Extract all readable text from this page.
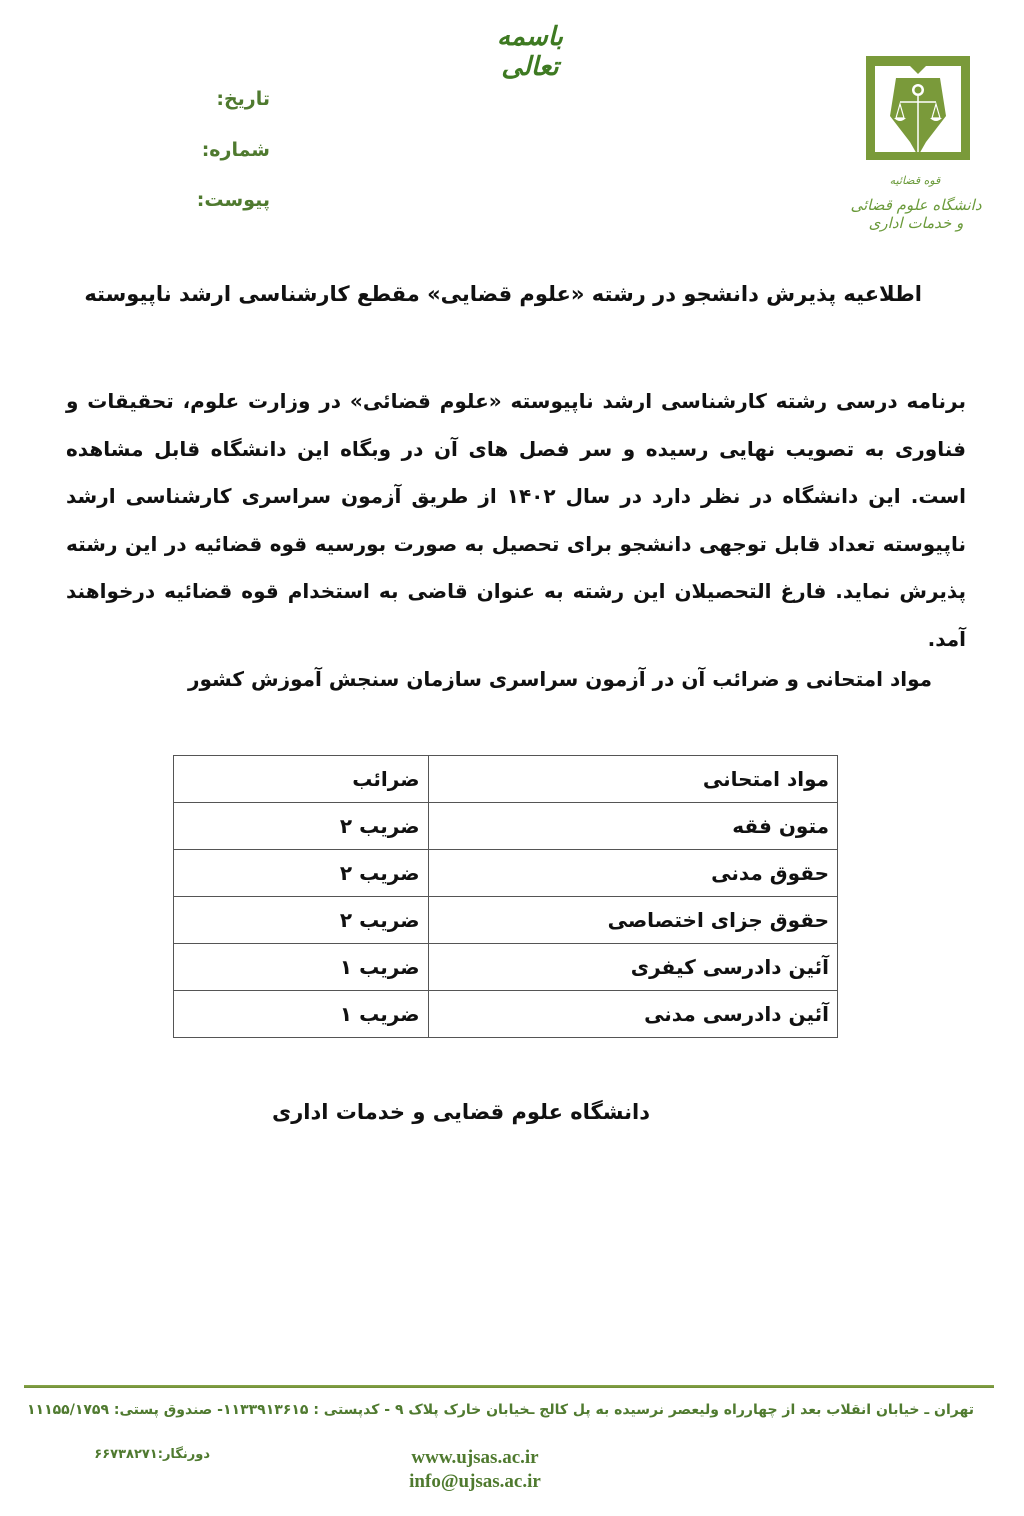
باسمه تعالی
تاریخ:
شماره:
پیوست:
قوه قضائیه
دانشگاه علوم قضائی و خدمات اداری
اطلاعیه پذیرش دانشجو در رشته «علوم قضایی» مقطع کارشناسی ارشد ناپیوسته
برنامه درسی رشته کارشناسی ارشد ناپیوسته «علوم قضائی» در وزارت علوم، تحقیقات و فناوری به تصویب نهایی رسیده و سر فصل های آن در وبگاه این دانشگاه قابل مشاهده است. این دانشگاه در نظر دارد در سال ۱۴۰۲ از طریق آزمون سراسری کارشناسی ارشد ناپیوسته تعداد قابل توجهی دانشجو برای تحصیل به صورت بورسیه قوه قضائیه در این رشته پذیرش نماید. فارغ التحصیلان این رشته به عنوان قاضی به استخدام قوه قضائیه درخواهند آمد.
مواد امتحانی و ضرائب آن در آزمون سراسری سازمان سنجش آموزش کشور
مواد امتحانی	ضرائب
متون فقه	ضریب ۲
حقوق مدنی	ضریب ۲
حقوق جزای اختصاصی	ضریب ۲
آئین دادرسی کیفری	ضریب ۱
آئین دادرسی مدنی	ضریب ۱
دانشگاه علوم قضایی و خدمات اداری
تهران ـ خیابان انقلاب بعد از چهارراه ولیعصر نرسیده به پل کالج ـخیابان خارک پلاک ۹ - کدپستی : ۱۱۳۳۹۱۳۶۱۵- صندوق پستی: ۱۱۱۵۵/۱۷۵۹
دورنگار:۶۶۷۳۸۲۷۱	www.ujsas.ac.ir
info@ujsas.ac.ir
